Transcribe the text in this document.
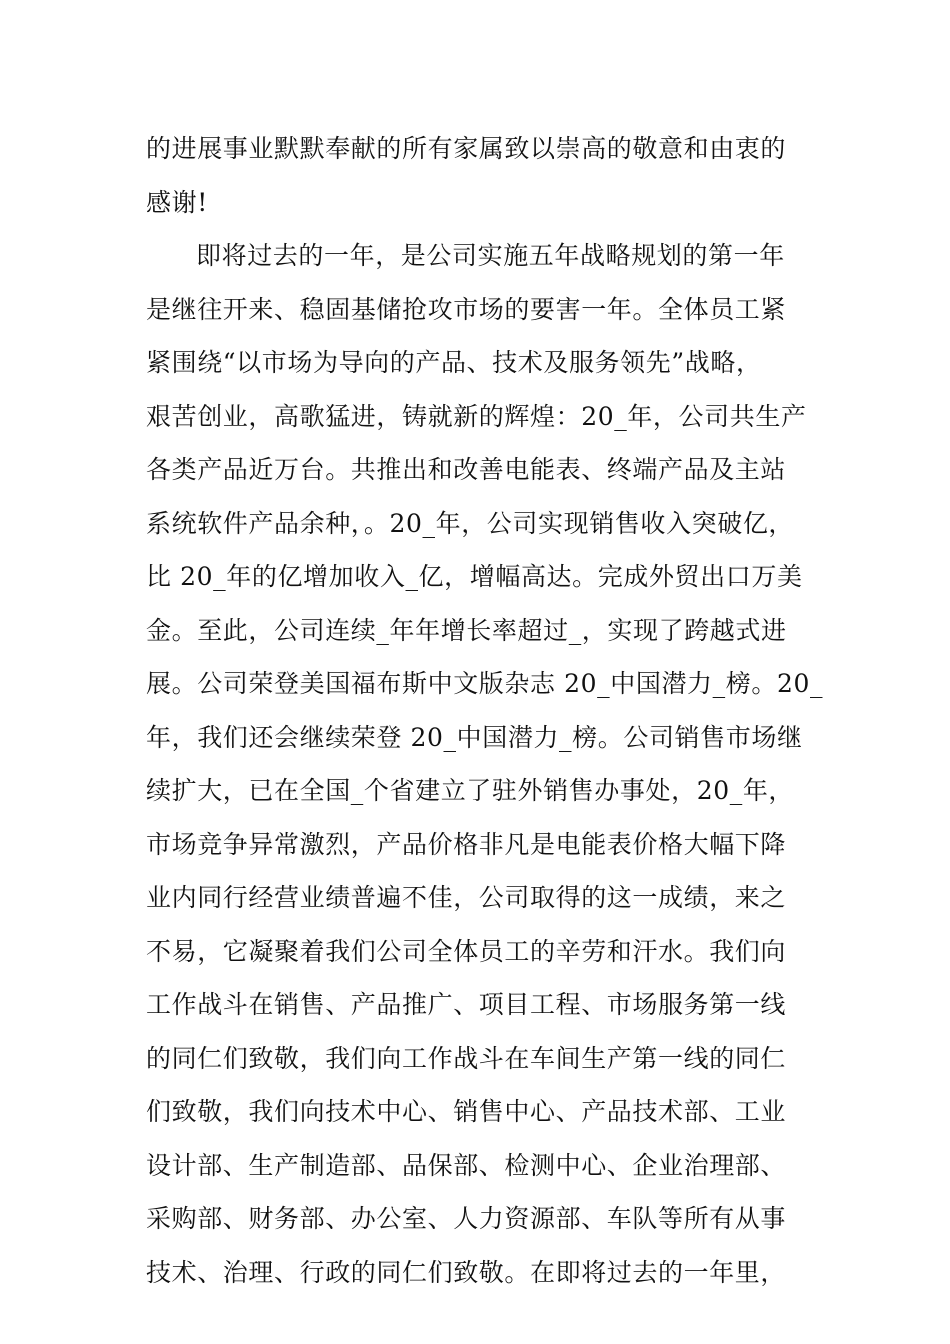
的进展事业默默奉献的所有家属致以崇高的敬意和由衷的
感谢!
即将过去的一年，是公司实施五年战略规划的第一年
是继往开来、稳固基储抢攻市场的要害一年。全体员工紧
紧围绕“以市场为导向的产品、技术及服务领先”战略，
艰苦创业，高歌猛进，铸就新的辉煌：20_年，公司共生产
各类产品近万台。共推出和改善电能表、终端产品及主站
系统软件产品余种，。20_年，公司实现销售收入突破亿，
比 20_年的亿增加收入_亿，增幅高达。完成外贸出口万美
金。至此，公司连续_年年增长率超过_，实现了跨越式进
展。公司荣登美国福布斯中文版杂志 20_中国潜力_榜。20_
年，我们还会继续荣登 20_中国潜力_榜。公司销售市场继
续扩大，已在全国_个省建立了驻外销售办事处，20_年，
市场竞争异常激烈，产品价格非凡是电能表价格大幅下降
业内同行经营业绩普遍不佳，公司取得的这一成绩，来之
不易，它凝聚着我们公司全体员工的辛劳和汗水。我们向
工作战斗在销售、产品推广、项目工程、市场服务第一线
的同仁们致敬，我们向工作战斗在车间生产第一线的同仁
们致敬，我们向技术中心、销售中心、产品技术部、工业
设计部、生产制造部、品保部、检测中心、企业治理部、
采购部、财务部、办公室、人力资源部、车队等所有从事
技术、治理、行政的同仁们致敬。在即将过去的一年里，
